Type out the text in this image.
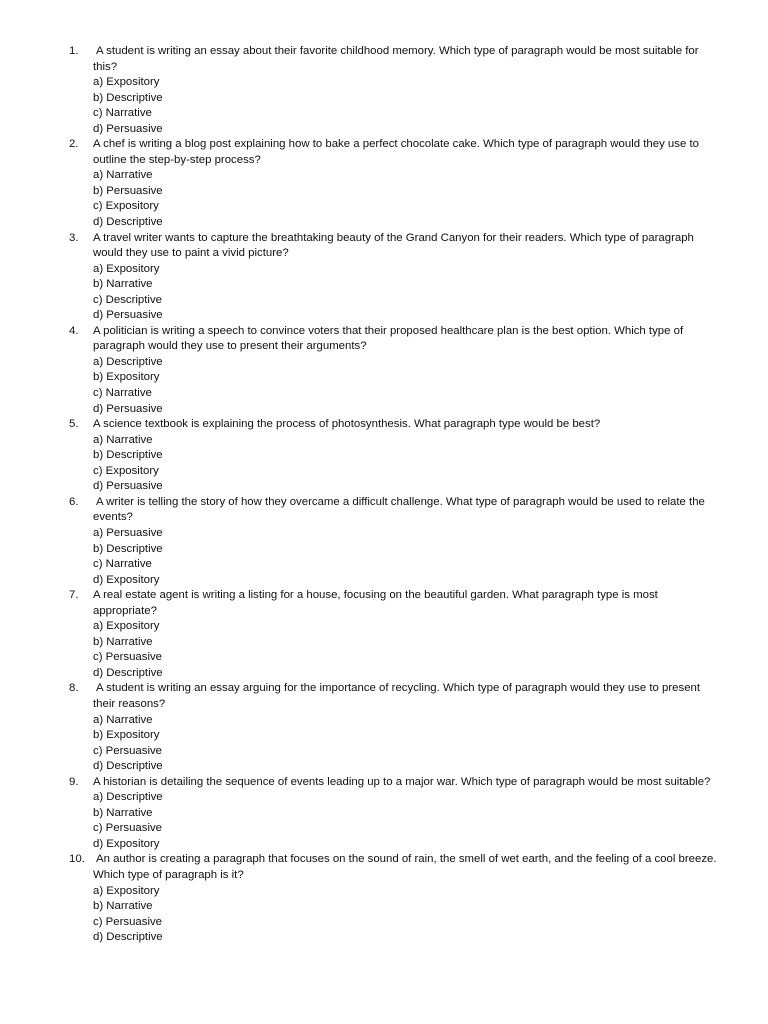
1.	A student is writing an essay about their favorite childhood memory. Which type of paragraph would be most suitable for this?
a) Expository
b) Descriptive
c) Narrative
d) Persuasive
2.	A chef is writing a blog post explaining how to bake a perfect chocolate cake. Which type of paragraph would they use to outline the step-by-step process?
a) Narrative
b) Persuasive
c) Expository
d) Descriptive
3.	A travel writer wants to capture the breathtaking beauty of the Grand Canyon for their readers. Which type of paragraph would they use to paint a vivid picture?
a) Expository
b) Narrative
c) Descriptive
d) Persuasive
4.	A politician is writing a speech to convince voters that their proposed healthcare plan is the best option. Which type of paragraph would they use to present their arguments?
a) Descriptive
b) Expository
c) Narrative
d) Persuasive
5.	A science textbook is explaining the process of photosynthesis. What paragraph type would be best?
a) Narrative
b) Descriptive
c) Expository
d) Persuasive
6.	A writer is telling the story of how they overcame a difficult challenge. What type of paragraph would be used to relate the events?
a) Persuasive
b) Descriptive
c) Narrative
d) Expository
7.	A real estate agent is writing a listing for a house, focusing on the beautiful garden. What paragraph type is most appropriate?
a) Expository
b) Narrative
c) Persuasive
d) Descriptive
8.	A student is writing an essay arguing for the importance of recycling. Which type of paragraph would they use to present their reasons?
a) Narrative
b) Expository
c) Persuasive
d) Descriptive
9.	A historian is detailing the sequence of events leading up to a major war. Which type of paragraph would be most suitable?
a) Descriptive
b) Narrative
c) Persuasive
d) Expository
10. An author is creating a paragraph that focuses on the sound of rain, the smell of wet earth, and the feeling of a cool breeze. Which type of paragraph is it?
a) Expository
b) Narrative
c) Persuasive
d) Descriptive
